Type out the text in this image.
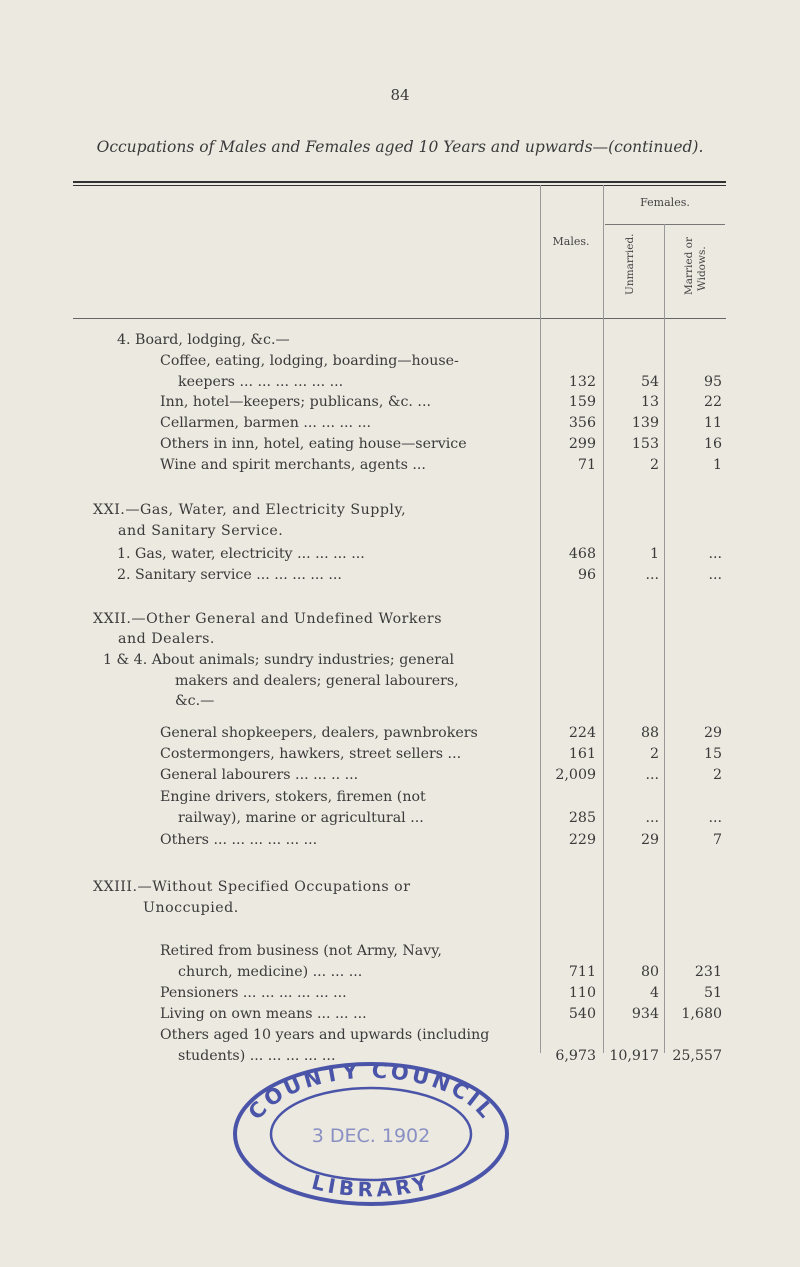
84
Occupations of Males and Females aged 10 Years and upwards—(continued).
Males.
Females.
Unmarried.	Married or Widows.
4. Board, lodging, &c.—
Coffee, eating, lodging, boarding—house-
keepers ... ... ... ... ... ...	132	54	95
Inn, hotel—keepers; publicans, &c. ...	159	13	22
Cellarmen, barmen ... ... ... ...	356	139	11
Others in inn, hotel, eating house—service	299	153	16
Wine and spirit merchants, agents ...	71	2	1
XXI.—Gas, Water, and Electricity Supply,
and Sanitary Service.
1. Gas, water, electricity ... ... ... ...	468	1	...
2. Sanitary service ... ... ... ... ...	96	...	...
XXII.—Other General and Undefined Workers
and Dealers.
1 & 4. About animals; sundry industries; general
makers and dealers; general labourers,
&c.—
General shopkeepers, dealers, pawnbrokers	224	88	29
Costermongers, hawkers, street sellers ...	161	2	15
General labourers ... ... .. ...	2,009	...	2
Engine drivers, stokers, firemen (not
railway), marine or agricultural ...	285	...	...
Others ... ... ... ... ... ...	229	29	7
XXIII.—Without Specified Occupations or
Unoccupied.
Retired from business (not Army, Navy,
church, medicine) ... ... ...	711	80	231
Pensioners ... ... ... ... ... ...	110	4	51
Living on own means ... ... ...	540	934	1,680
Others aged 10 years and upwards (including
students) ... ... ... ... ...	6,973 10,917 25,557
COUNTY COUNCIL
LIBRARY
3 DEC. 1902
